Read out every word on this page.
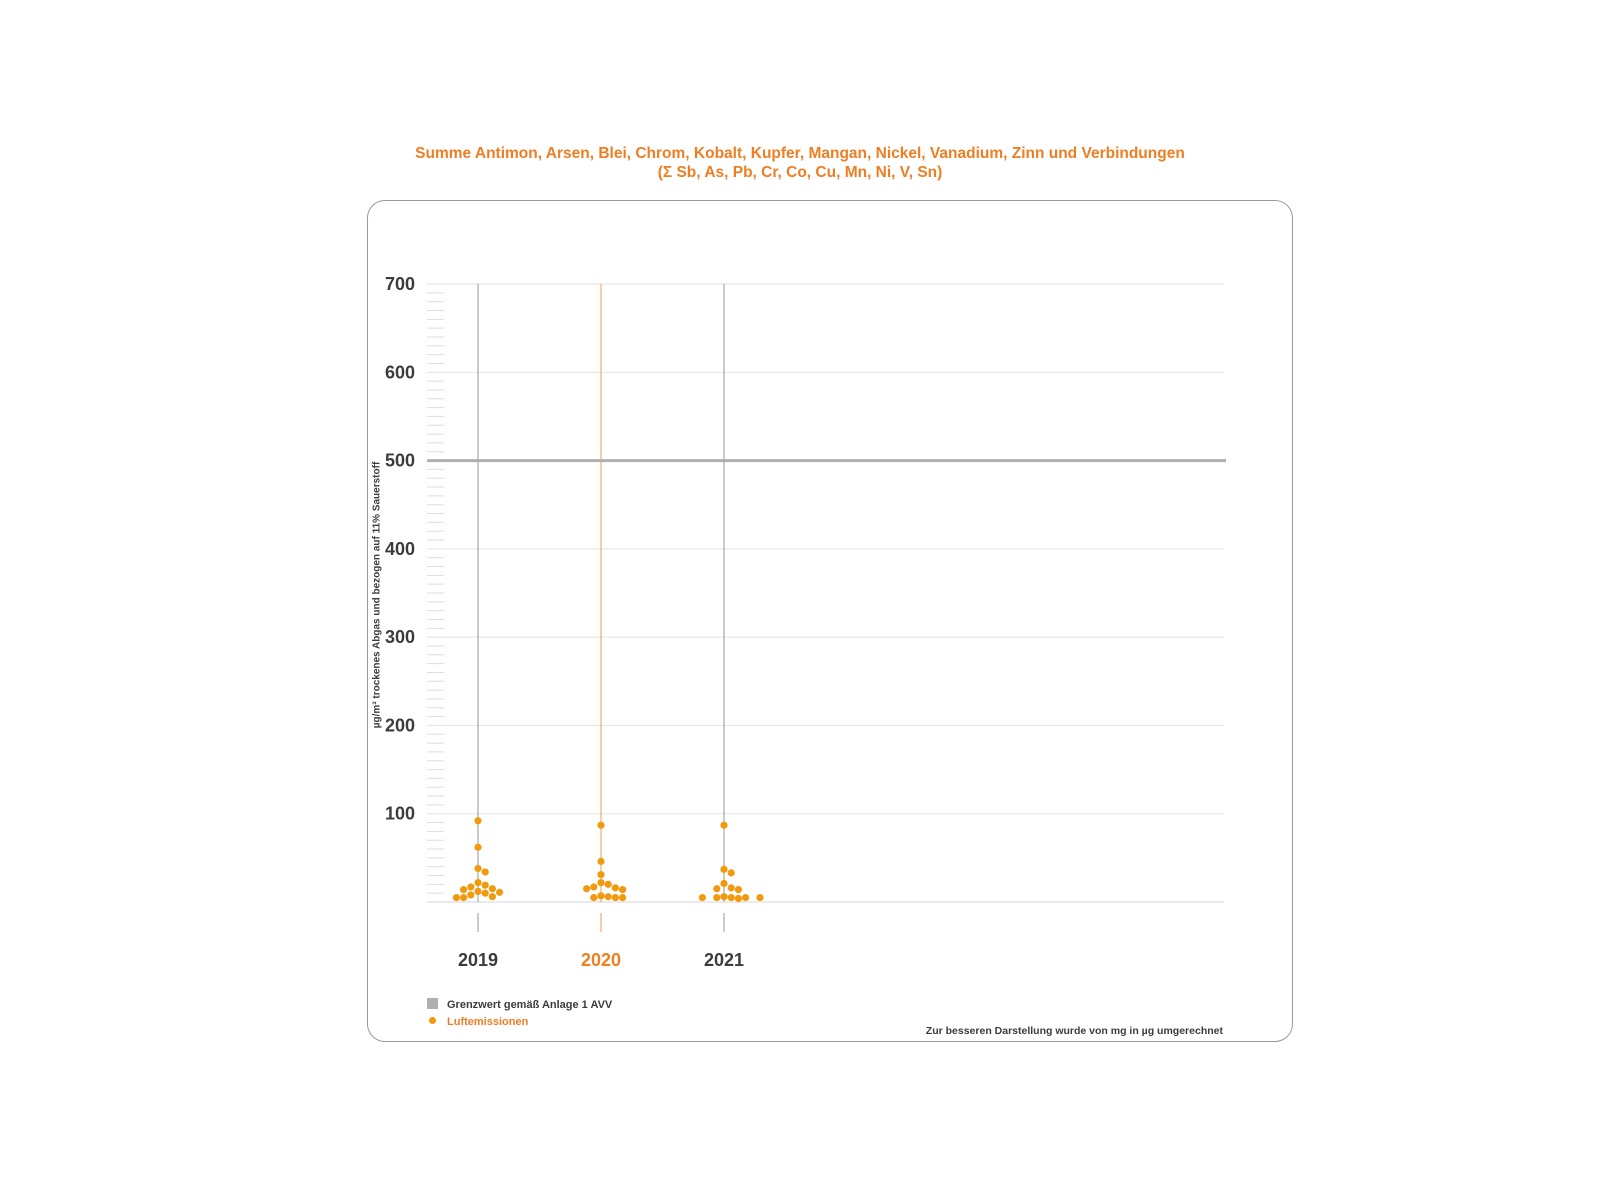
Summe Antimon, Arsen, Blei, Chrom, Kobalt, Kupfer, Mangan, Nickel, Vanadium, Zinn und Verbindungen
(Σ Sb, As, Pb, Cr, Co, Cu, Mn, Ni, V, Sn)
100
200
300
400
500
600
700
2019	2020	2021
µg/m³ trockenes Abgas und bezogen auf 11% Sauerstoff
Grenzwert gemäß Anlage 1 AVV
Luftemissionen
Zur besseren Darstellung wurde von mg in µg umgerechnet
